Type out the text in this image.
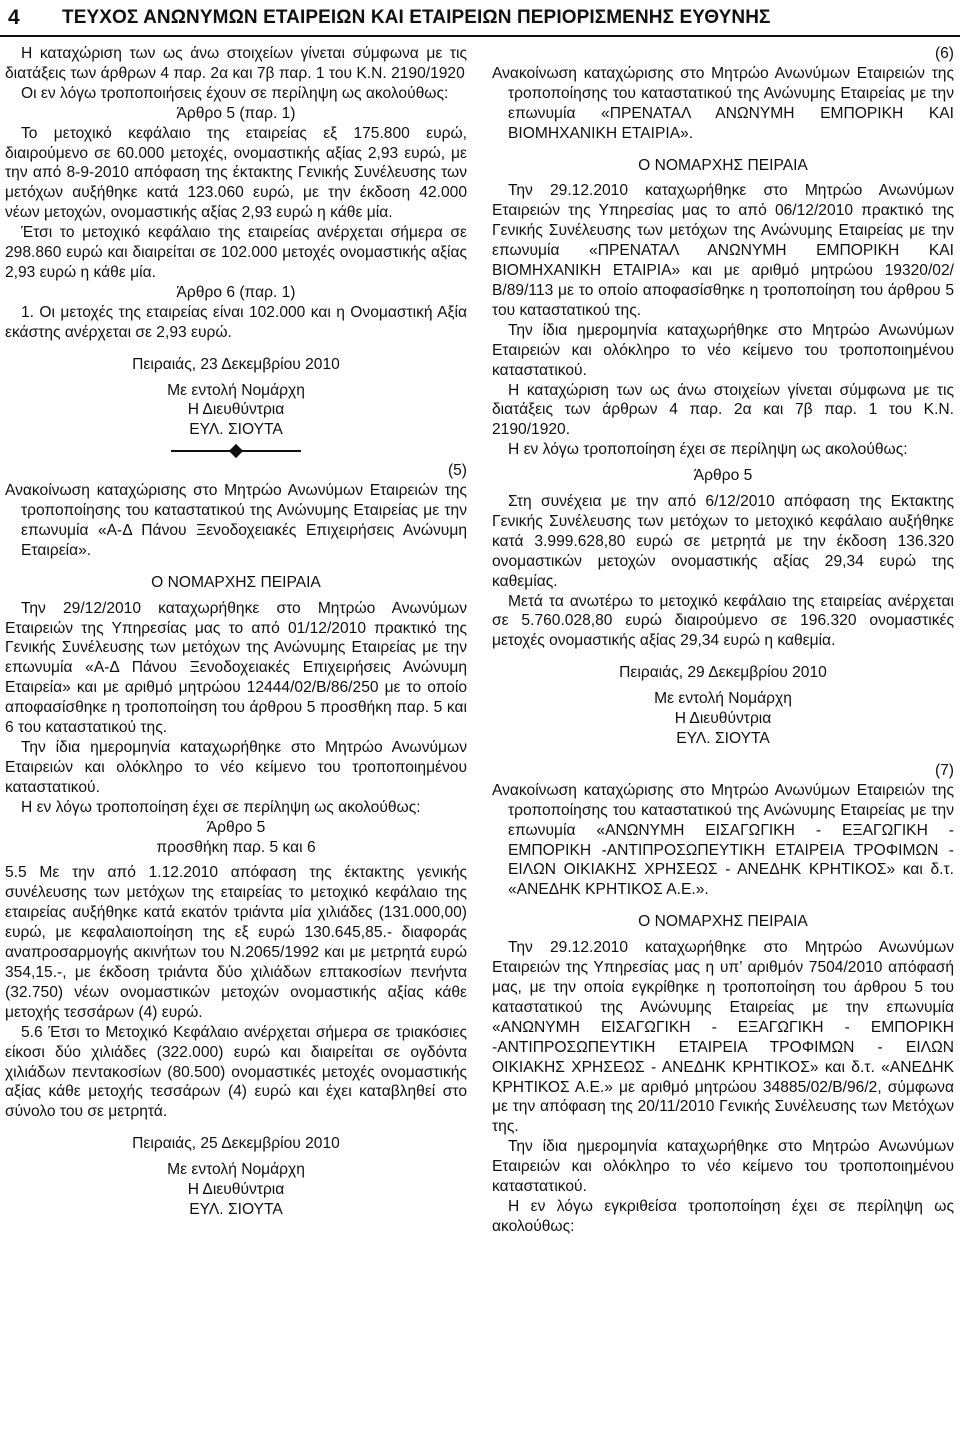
4	ΤΕΥΧΟΣ ΑΝΩΝΥΜΩΝ ΕΤΑΙΡΕΙΩΝ ΚΑΙ ΕΤΑΙΡΕΙΩΝ ΠΕΡΙΟΡΙΣΜΕΝΗΣ ΕΥΘΥΝΗΣ

Η καταχώριση των ως άνω στοιχείων γίνεται σύμφωνα με τις διατάξεις των άρθρων 4 παρ. 2α και 7β παρ. 1 του Κ.Ν. 2190/1920

Οι εν λόγω τροποποιήσεις έχουν σε περίληψη ως ακολούθως:

Άρθρο 5 (παρ. 1)

Το μετοχικό κεφάλαιο της εταιρείας εξ 175.800 ευρώ, διαιρούμενο σε 60.000 μετοχές, ονομαστικής αξίας 2,93 ευρώ, με την από 8-9-2010 απόφαση της έκτακτης Γενικής Συνέλευσης των μετόχων αυξήθηκε κατά 123.060 ευρώ, με την έκδοση 42.000 νέων μετοχών, ονομαστικής αξίας 2,93 ευρώ η κάθε μία.

Έτσι το μετοχικό κεφάλαιο της εταιρείας ανέρχεται σήμερα σε 298.860 ευρώ και διαιρείται σε 102.000 μετοχές ονομαστικής αξίας 2,93 ευρώ η κάθε μία.

Άρθρο 6 (παρ. 1)

1. Οι μετοχές της εταιρείας είναι 102.000 και η Ονομαστική Αξία εκάστης ανέρχεται σε 2,93 ευρώ.

Πειραιάς, 23 Δεκεμβρίου 2010

Με εντολή Νομάρχη

Η Διευθύντρια

ΕΥΛ. ΣΙΟΥΤΑ

(5)

Ανακοίνωση καταχώρισης στο Μητρώο Ανωνύμων Εταιρειών της τροποποίησης του καταστατικού της Ανώνυμης Εταιρείας με την επωνυμία «Α-Δ Πάνου Ξενοδοχειακές Επιχειρήσεις Ανώνυμη Εταιρεία».

Ο ΝΟΜΑΡΧΗΣ ΠΕΙΡΑΙΑ

Την 29/12/2010 καταχωρήθηκε στο Μητρώο Ανωνύμων Εταιρειών της Υπηρεσίας μας το από 01/12/2010 πρακτικό της Γενικής Συνέλευσης των μετόχων της Ανώνυμης Εταιρείας με την επωνυμία «Α-Δ Πάνου Ξενοδοχειακές Επιχειρήσεις Ανώνυμη Εταιρεία» και με αριθμό μητρώου 12444/02/Β/86/250 με το οποίο αποφασίσθηκε η τροποποίηση του άρθρου 5 προσθήκη παρ. 5 και 6 του καταστατικού της.

Την ίδια ημερομηνία καταχωρήθηκε στο Μητρώο Ανωνύμων Εταιρειών και ολόκληρο το νέο κείμενο του τροποποιημένου καταστατικού.

Η εν λόγω τροποποίηση έχει σε περίληψη ως ακολούθως:

Άρθρο 5

προσθήκη παρ. 5 και 6

5.5 Με την από 1.12.2010 απόφαση της έκτακτης γενικής συνέλευσης των μετόχων της εταιρείας το μετοχικό κεφάλαιο της εταιρείας αυξήθηκε κατά εκατόν τριάντα μία χιλιάδες (131.000,00) ευρώ, με κεφαλαιοποίηση της εξ ευρώ 130.645,85.- διαφοράς αναπροσαρμογής ακινήτων του Ν.2065/1992 και με μετρητά ευρώ 354,15.-, με έκδοση τριάντα δύο χιλιάδων επτακοσίων πενήντα (32.750) νέων ονομαστικών μετοχών ονομαστικής αξίας κάθε μετοχής τεσσάρων (4) ευρώ.

5.6 Έτσι το Μετοχικό Κεφάλαιο ανέρχεται σήμερα σε τριακόσιες είκοσι δύο χιλιάδες (322.000) ευρώ και διαιρείται σε ογδόντα χιλιάδων πεντακοσίων (80.500) ονομαστικές μετοχές ονομαστικής αξίας κάθε μετοχής τεσσάρων (4) ευρώ και έχει καταβληθεί στο σύνολο του σε μετρητά.

Πειραιάς, 25 Δεκεμβρίου 2010

Με εντολή Νομάρχη

Η Διευθύντρια

ΕΥΛ. ΣΙΟΥΤΑ

(6)

Ανακοίνωση καταχώρισης στο Μητρώο Ανωνύμων Εταιρειών της τροποποίησης του καταστατικού της Ανώνυμης Εταιρείας με την επωνυμία «ΠΡΕΝΑΤΑΛ ΑΝΩΝΥΜΗ ΕΜΠΟΡΙΚΗ ΚΑΙ ΒΙΟΜΗΧΑΝΙΚΗ ΕΤΑΙΡΙΑ».

Ο ΝΟΜΑΡΧΗΣ ΠΕΙΡΑΙΑ

Την 29.12.2010 καταχωρήθηκε στο Μητρώο Ανωνύμων Εταιρειών της Υπηρεσίας μας το από 06/12/2010 πρακτικό της Γενικής Συνέλευσης των μετόχων της Ανώνυμης Εταιρείας με την επωνυμία «ΠΡΕΝΑΤΑΛ ΑΝΩΝΥΜΗ ΕΜΠΟΡΙΚΗ ΚΑΙ ΒΙΟΜΗΧΑΝΙΚΗ ΕΤΑΙΡΙΑ» και με αριθμό μητρώου 19320/02/Β/89/113 με το οποίο αποφασίσθηκε η τροποποίηση του άρθρου 5 του καταστατικού της.

Την ίδια ημερομηνία καταχωρήθηκε στο Μητρώο Ανωνύμων Εταιρειών και ολόκληρο το νέο κείμενο του τροποποιημένου καταστατικού.

Η καταχώριση των ως άνω στοιχείων γίνεται σύμφωνα με τις διατάξεις των άρθρων 4 παρ. 2α και 7β παρ. 1 του Κ.Ν. 2190/1920.

Η εν λόγω τροποποίηση έχει σε περίληψη ως ακολούθως:

Άρθρο 5

Στη συνέχεια με την από 6/12/2010 απόφαση της Εκτακτης Γενικής Συνέλευσης των μετόχων το μετοχικό κεφάλαιο αυξήθηκε κατά 3.999.628,80 ευρώ σε μετρητά με την έκδοση 136.320 ονομαστικών μετοχών ονομαστικής αξίας 29,34 ευρώ της καθεμίας.

Μετά τα ανωτέρω το μετοχικό κεφάλαιο της εταιρείας ανέρχεται σε 5.760.028,80 ευρώ διαιρούμενο σε 196.320 ονομαστικές μετοχές ονομαστικής αξίας 29,34 ευρώ η καθεμία.

Πειραιάς, 29 Δεκεμβρίου 2010

Με εντολή Νομάρχη

Η Διευθύντρια

ΕΥΛ. ΣΙΟΥΤΑ

(7)

Ανακοίνωση καταχώρισης στο Μητρώο Ανωνύμων Εταιρειών της τροποποίησης του καταστατικού της Ανώνυμης Εταιρείας με την επωνυμία «ΑΝΩΝΥΜΗ ΕΙΣΑΓΩΓΙΚΗ - ΕΞΑΓΩΓΙΚΗ - ΕΜΠΟΡΙΚΗ -ΑΝΤΙΠΡΟΣΩΠΕΥΤΙΚΗ ΕΤΑΙΡΕΙΑ ΤΡΟΦΙΜΩΝ - ΕΙΛΩΝ ΟΙΚΙΑΚΗΣ ΧΡΗΣΕΩΣ - ΑΝΕΔΗΚ ΚΡΗΤΙΚΟΣ» και δ.τ. «ΑΝΕΔΗΚ ΚΡΗΤΙΚΟΣ Α.Ε.».

Ο ΝΟΜΑΡΧΗΣ ΠΕΙΡΑΙΑ

Την 29.12.2010 καταχωρήθηκε στο Μητρώο Ανωνύμων Εταιρειών της Υπηρεσίας μας η υπ’ αριθμόν 7504/2010 απόφασή μας, με την οποία εγκρίθηκε η τροποποίηση του άρθρου 5 του καταστατικού της Ανώνυμης Εταιρείας με την επωνυμία «ΑΝΩΝΥΜΗ ΕΙΣΑΓΩΓΙΚΗ - ΕΞΑΓΩΓΙΚΗ - ΕΜΠΟΡΙΚΗ -ΑΝΤΙΠΡΟΣΩΠΕΥΤΙΚΗ ΕΤΑΙΡΕΙΑ ΤΡΟΦΙΜΩΝ - ΕΙΛΩΝ ΟΙΚΙΑΚΗΣ ΧΡΗΣΕΩΣ - ΑΝΕΔΗΚ ΚΡΗΤΙΚΟΣ» και δ.τ. «ΑΝΕΔΗΚ ΚΡΗΤΙΚΟΣ Α.Ε.» με αριθμό μητρώου 34885/02/Β/96/2, σύμφωνα με την απόφαση της 20/11/2010 Γενικής Συνέλευσης των Μετόχων της.

Την ίδια ημερομηνία καταχωρήθηκε στο Μητρώο Ανωνύμων Εταιρειών και ολόκληρο το νέο κείμενο του τροποποιημένου καταστατικού.

Η εν λόγω εγκριθείσα τροποποίηση έχει σε περίληψη ως ακολούθως:
